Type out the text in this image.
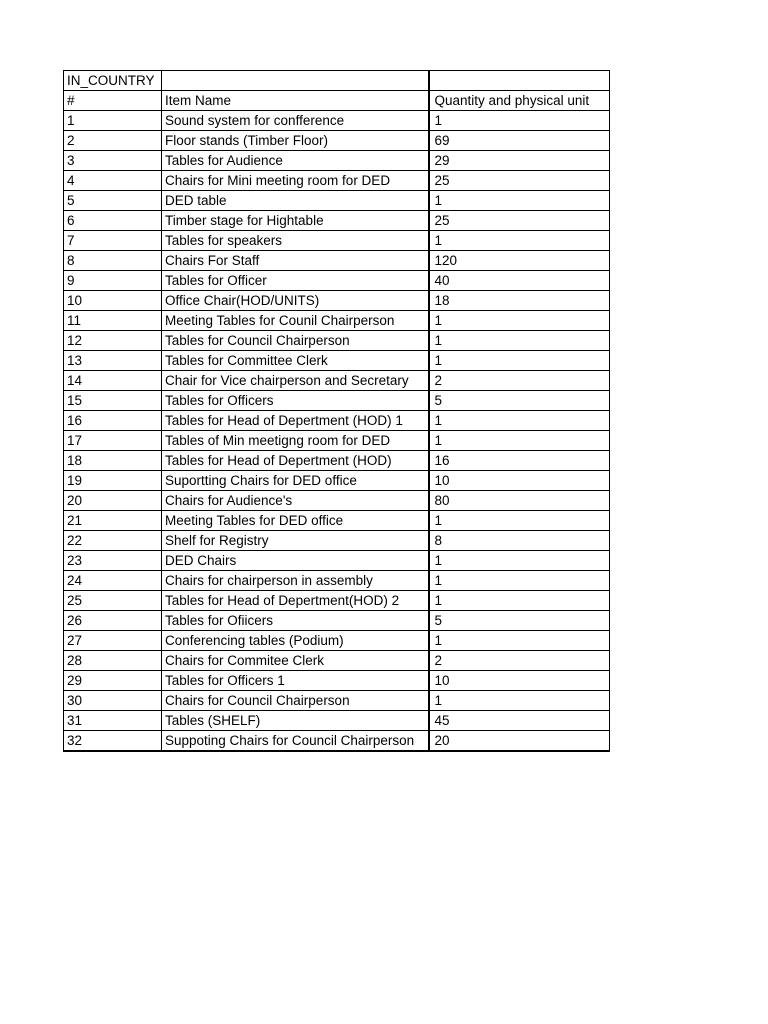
IN_COUNTRY		
#	Item Name	Quantity and physical unit
1	Sound system for confference	1
2	Floor stands (Timber Floor)	69
3	Tables for Audience	29
4	Chairs for Mini meeting room for DED	25
5	DED table	1
6	Timber stage for Hightable	25
7	Tables for speakers	1
8	Chairs For Staff	120
9	Tables for Officer	40
10	Office Chair(HOD/UNITS)	18
11	Meeting Tables for Counil Chairperson	1
12	Tables for Council Chairperson	1
13	Tables for Committee Clerk	1
14	Chair for Vice chairperson and Secretary	2
15	Tables for Officers	5
16	Tables for Head of Depertment (HOD) 1	1
17	Tables of Min meetigng room for DED	1
18	Tables for Head of Depertment (HOD)	16
19	Suportting Chairs for DED office	10
20	Chairs for Audience's	80
21	Meeting Tables for DED office	1
22	Shelf for Registry	8
23	DED Chairs	1
24	Chairs for chairperson in assembly	1
25	Tables for Head of Depertment(HOD) 2	1
26	Tables for Ofiicers	5
27	Conferencing tables (Podium)	1
28	Chairs for Commitee Clerk	2
29	Tables for Officers 1	10
30	Chairs for Council Chairperson	1
31	Tables (SHELF)	45
32	Suppoting Chairs for Council Chairperson	20
